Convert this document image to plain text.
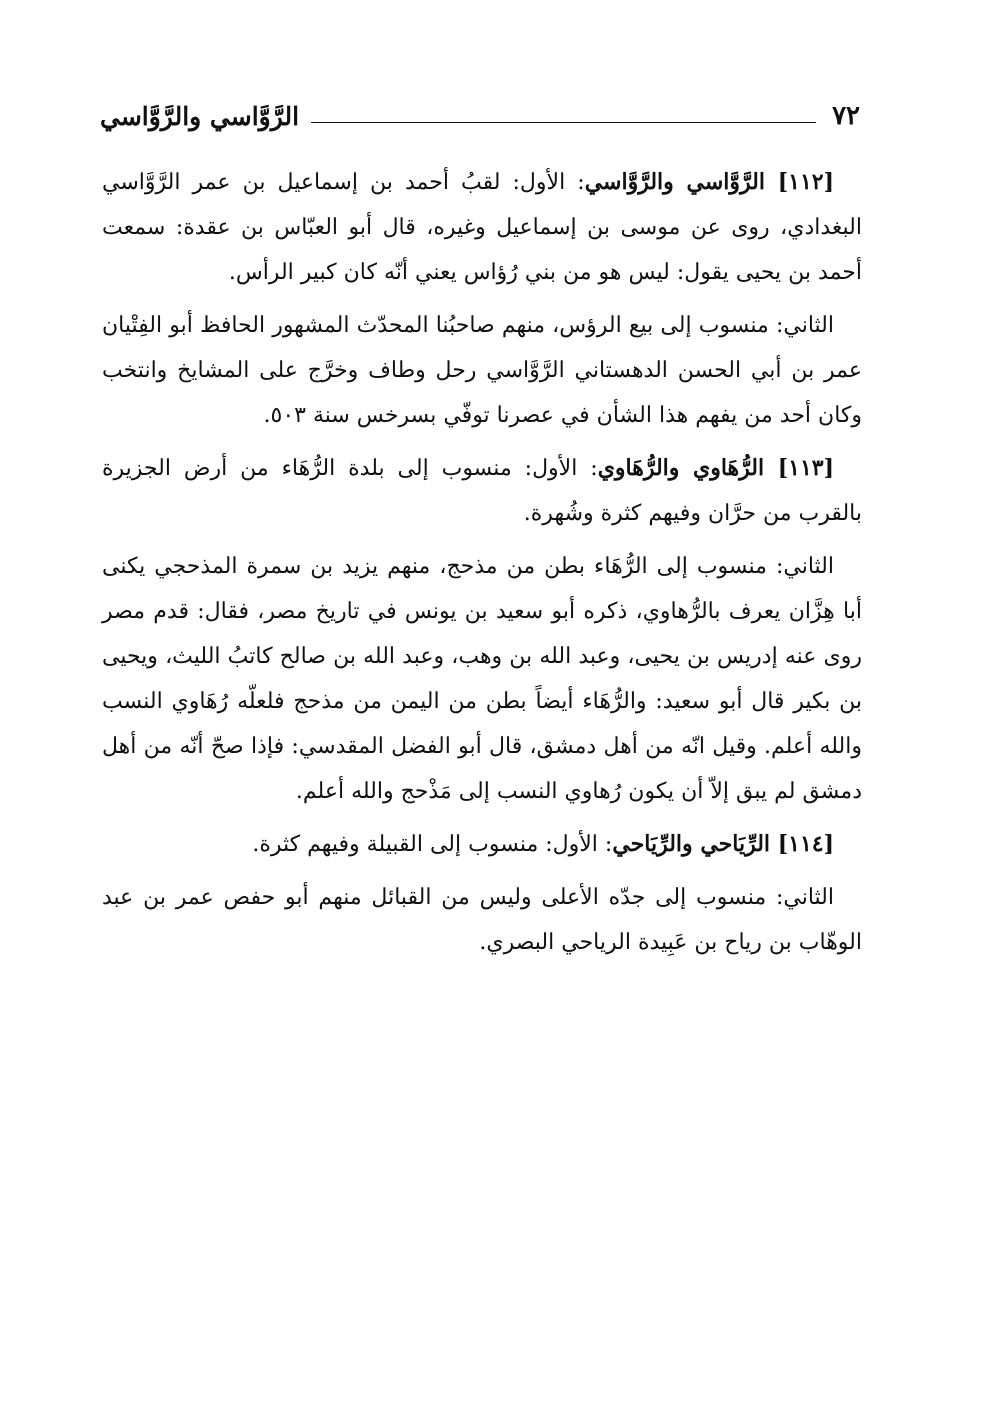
٧٢
الرَّوَّاسي والرَّوَّاسي

[١١٢] الرَّوَّاسي والرَّوَّاسي: الأول: لقبُ أحمد بن إسماعيل بن عمر الرَّوَّاسي البغدادي، روى عن موسى بن إسماعيل وغيره، قال أبو العبّاس بن عقدة: سمعت أحمد بن يحيى يقول: ليس هو من بني رُؤاس يعني أنّه كان كبير الرأس.

الثاني: منسوب إلى بيع الرؤس، منهم صاحبُنا المحدّث المشهور الحافظ أبو الفِتْيان عمر بن أبي الحسن الدهستاني الرَّوَّاسي رحل وطاف وخرَّج على المشايخ وانتخب وكان أحد من يفهم هذا الشأن في عصرنا توفّي بسرخس سنة ٥٠٣.

[١١٣] الرُّهَاوي والرُّهَاوي: الأول: منسوب إلى بلدة الرُّهَاء من أرض الجزيرة بالقرب من حرَّان وفيهم كثرة وشُهرة.

الثاني: منسوب إلى الرُّهَاء بطن من مذحج، منهم يزيد بن سمرة المذحجي يكنى أبا هِزَّان يعرف بالرُّهاوي، ذكره أبو سعيد بن يونس في تاريخ مصر، فقال: قدم مصر روى عنه إدريس بن يحيى، وعبد الله بن وهب، وعبد الله بن صالح كاتبُ الليث، ويحيى بن بكير قال أبو سعيد: والرُّهَاء أيضاً بطن من اليمن من مذحج فلعلّه رُهَاوي النسب والله أعلم. وقيل انّه من أهل دمشق، قال أبو الفضل المقدسي: فإذا صحّ أنّه من أهل دمشق لم يبق إلاّ أن يكون رُهاوي النسب إلى مَذْحج والله أعلم.

[١١٤] الرِّيَاحي والرِّيَاحي: الأول: منسوب إلى القبيلة وفيهم كثرة.

الثاني: منسوب إلى جدّه الأعلى وليس من القبائل منهم أبو حفص عمر بن عبد الوهّاب بن رياح بن عَبِيدة الرياحي البصري.
